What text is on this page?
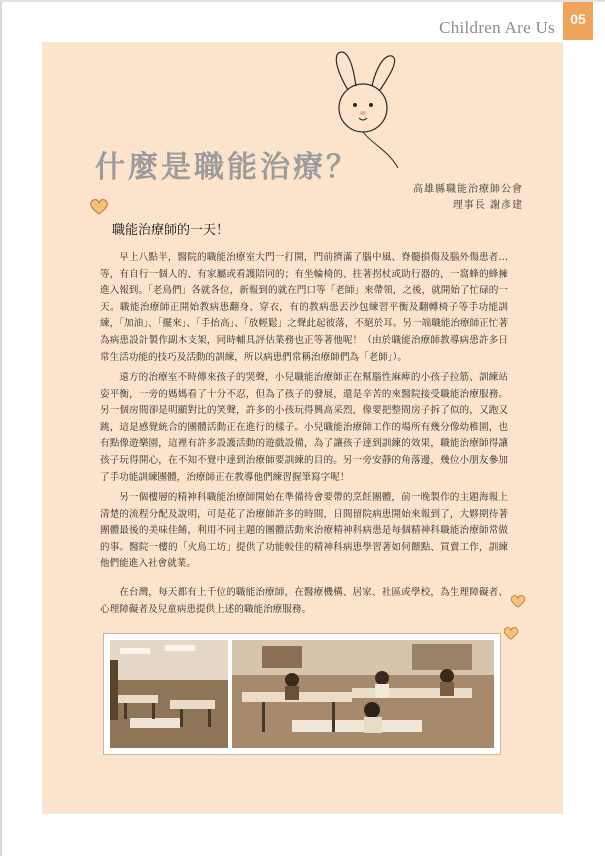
Children Are Us	05
什麼是職能治療？
高雄縣職能治療師公會
理事長 謝彥建
職能治療師的一天！

早上八點半，醫院的職能治療室大門一打開，門前擠滿了腦中風、脊髓損傷及腦外傷患者…等，有自行一個人的、有家屬或看護陪同的；有坐輪椅的、拄著拐杖或助行器的，一窩蜂的蜂擁進入報到。「老鳥們」各就各位，新報到的就在門口等「老師」來帶領，之後，就開始了忙碌的一天。職能治療師正開始教病患翻身、穿衣，有的教病患丟沙包練習平衡及翻轉椅子等手功能訓練，「加油」、「擺來」、「手抬高」、「放輕鬆」之聲此起彼落，不絕於耳。另一端職能治療師正忙著為病患設計製作副木支架，同時輔具評估業務也正等著他呢！（由於職能治療師教導病患許多日常生活功能的技巧及活動的訓練，所以病患們常稱治療師們為「老師」）。

遠方的治療室不時傳來孩子的哭聲，小兒職能治療師正在幫腦性麻痺的小孩子拉筋、訓練站姿平衡，一旁的媽媽看了十分不忍，但為了孩子的發展，還是辛苦的來醫院接受職能治療服務。另一個房間卻是明顯對比的笑聲，許多的小孩玩得興高采烈，像要把整間房子拆了似的，又跑又跳，這是感覺統合的團體活動正在進行的樣子。小兒職能治療師工作的場所有幾分像幼稚園，也有點像遊樂園，這裡有許多設護活動的遊戲設備，為了讓孩子達到訓練的效果，職能治療師得讓孩子玩得開心，在不知不覺中達到治療師要訓練的目的。另一旁安靜的角落邊，幾位小朋友參加了手功能訓練團體，治療師正在教導他們練習握筆寫字呢！

另一個樓層的精神科職能治療師開始在準備待會要帶的烹飪團體，前一晚製作的主題海報上清楚的流程分配及說明，可是花了治療師許多的時間，日間留院病患開始來報到了，大夥期待著團體最後的美味佳餚，利用不同主題的團體活動來治療精神科病患是每個精神科職能治療師常做的事。醫院一樓的「火鳥工坊」提供了功能較佳的精神科病患學習著如何餵點、買賣工作，訓練他們能進入社會就業。

在台灣，每天都有上千位的職能治療師，在醫療機構、居家、社區或學校，為生理障礙者、心理障礙者及兒童病患提供上述的職能治療服務。
